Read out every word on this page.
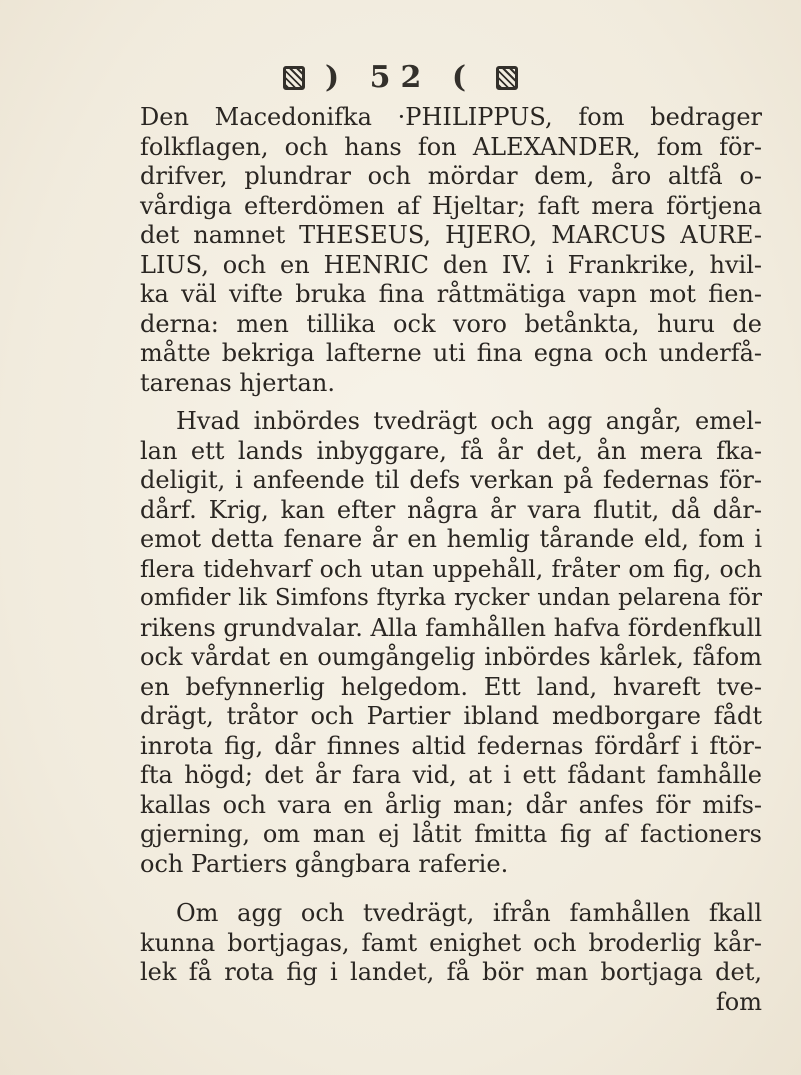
) 52 (
Den Macedonifka ·PHILIPPUS, fom bedrager
folkflagen, och hans fon ALEXANDER, fom för-
drifver, plundrar och mördar dem, åro altfå o-
vårdiga efterdömen af Hjeltar; faft mera förtjena
det namnet THESEUS, HJERO, MARCUS AURE-
LIUS, och en HENRIC den IV. i Frankrike, hvil-
ka väl vifte bruka fina råttmätiga vapn mot fien-
derna: men tillika ock voro betånkta, huru de
måtte bekriga lafterne uti fina egna och underfå-
tarenas hjertan.
Hvad inbördes tvedrägt och agg angår, emel-
lan ett lands inbyggare, få år det, ån mera fka-
deligit, i anfeende til defs verkan på federnas för-
dårf. Krig, kan efter några år vara flutit, då dår-
emot detta fenare år en hemlig tårande eld, fom i
flera tidehvarf och utan uppehåll, fråter om fig, och
omfider lik Simfons ftyrka rycker undan pelarena för
rikens grundvalar. Alla famhållen hafva fördenfkull
ock vårdat en oumgångelig inbördes kårlek, fåfom
en befynnerlig helgedom. Ett land, hvareft tve-
drägt, tråtor och Partier ibland medborgare fådt
inrota fig, dår finnes altid federnas fördårf i ftör-
fta högd; det år fara vid, at i ett fådant famhålle
kallas och vara en årlig man; dår anfes för mifs-
gjerning, om man ej låtit fmitta fig af factioners
och Partiers gångbara raferie.
Om agg och tvedrägt, ifrån famhållen fkall
kunna bortjagas, famt enighet och broderlig kår-
lek få rota fig i landet, få bör man bortjaga det,
fom
